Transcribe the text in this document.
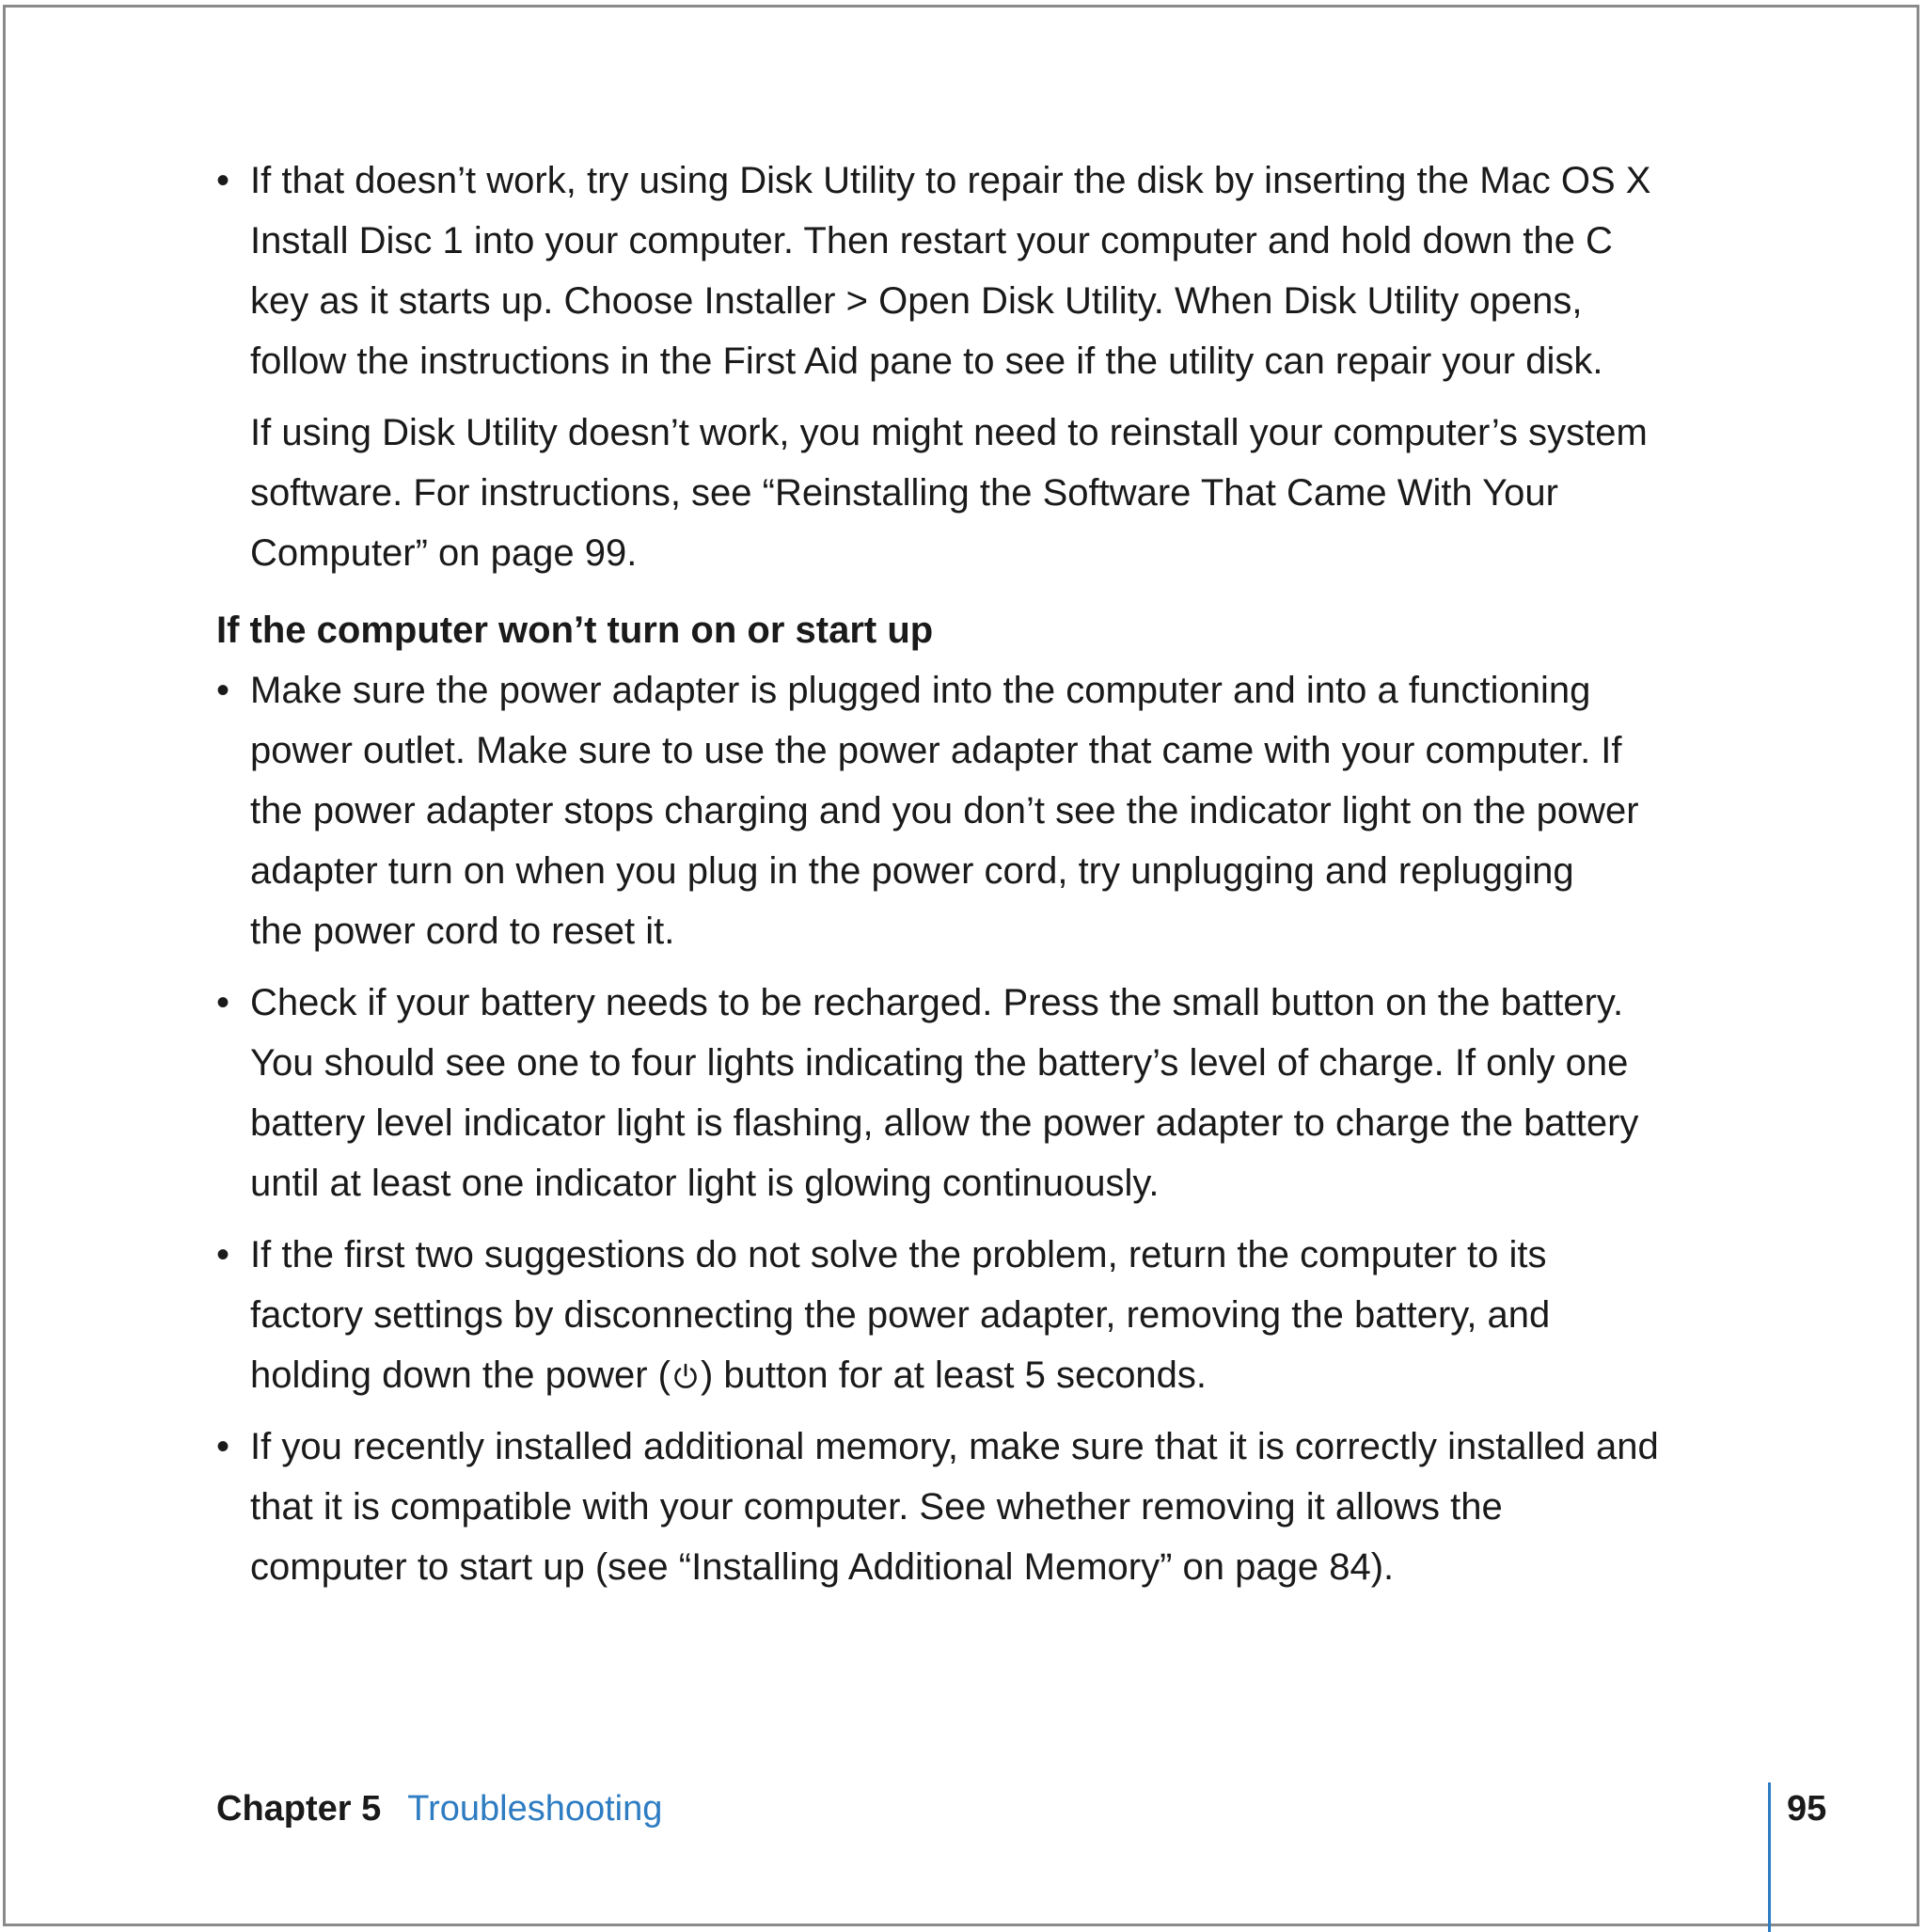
• If that doesn’t work, try using Disk Utility to repair the disk by inserting the Mac OS X
Install Disc 1 into your computer. Then restart your computer and hold down the C
key as it starts up. Choose Installer > Open Disk Utility. When Disk Utility opens,
follow the instructions in the First Aid pane to see if the utility can repair your disk.
If using Disk Utility doesn’t work, you might need to reinstall your computer’s system
software. For instructions, see “Reinstalling the Software That Came With Your
Computer” on page 99.
If the computer won’t turn on or start up
• Make sure the power adapter is plugged into the computer and into a functioning
power outlet. Make sure to use the power adapter that came with your computer. If
the power adapter stops charging and you don’t see the indicator light on the power
adapter turn on when you plug in the power cord, try unplugging and replugging
the power cord to reset it.
• Check if your battery needs to be recharged. Press the small button on the battery.
You should see one to four lights indicating the battery’s level of charge. If only one
battery level indicator light is flashing, allow the power adapter to charge the battery
until at least one indicator light is glowing continuously.
• If the first two suggestions do not solve the problem, return the computer to its
factory settings by disconnecting the power adapter, removing the battery, and
holding down the power ( ) button for at least 5 seconds.
• If you recently installed additional memory, make sure that it is correctly installed and
that it is compatible with your computer. See whether removing it allows the
computer to start up (see “Installing Additional Memory” on page 84).
Chapter 5 Troubleshooting	95
